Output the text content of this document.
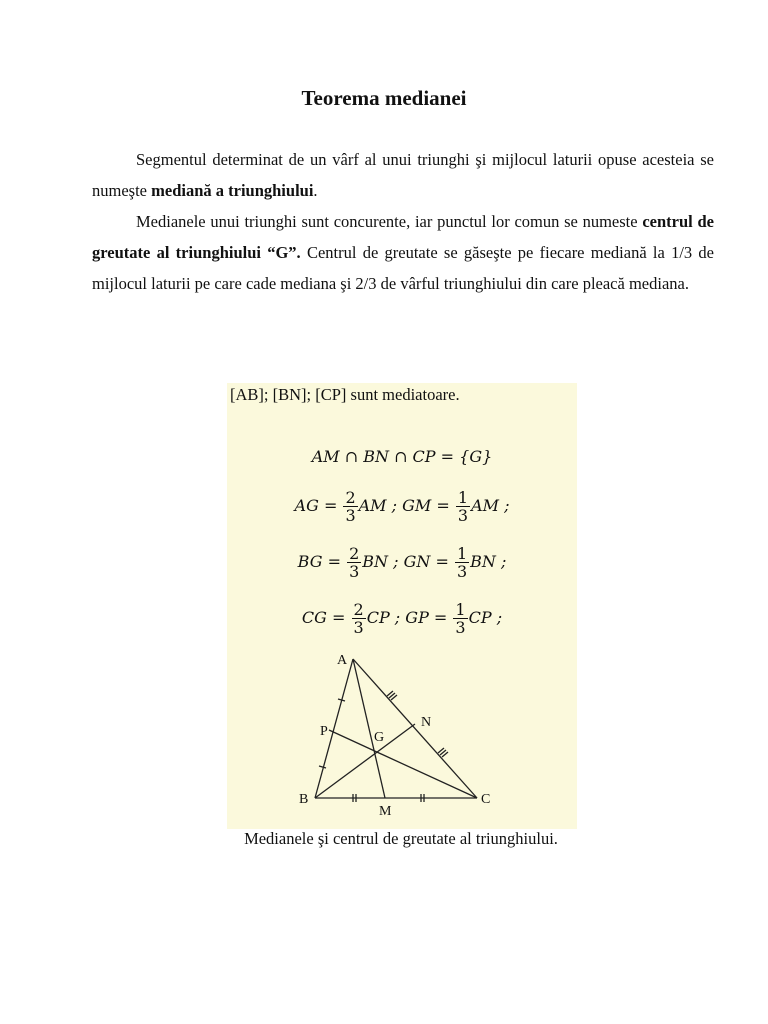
Teorema medianei

Segmentul determinat de un vârf al unui triunghi şi mijlocul laturii opuse acesteia se numeşte mediană a triunghiului.

Medianele unui triunghi sunt concurente, iar punctul lor comun se numeste centrul de greutate al triunghiului “G”. Centrul de greutate se găseşte pe fiecare mediană la 1/3 de mijlocul laturii pe care cade mediana şi 2/3 de vârful triunghiului din care pleacă mediana.

[AB]; [BN]; [CP] sunt mediatoare.
AM ∩ BN ∩ CP = {G}
AG = $\frac{2}{3}$ AM ; GM = $\frac{1}{3}$ AM ;
BG = $\frac{2}{3}$ BN ; GN = $\frac{1}{3}$ BN ;
CG = $\frac{2}{3}$ CP ; GP = $\frac{1}{3}$ CP ;
A
B	C
M
N
P	G
Medianele şi centrul de greutate al triunghiului.
